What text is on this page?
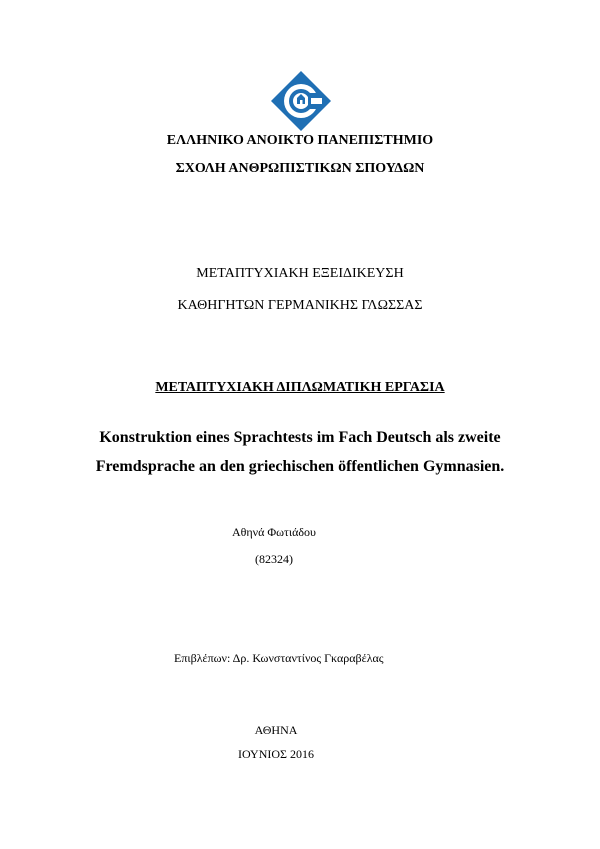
ΕΛΛΗΝΙΚΟ ΑΝΟΙΚΤΟ ΠΑΝΕΠΙΣΤΗΜΙΟ
ΣΧΟΛΗ ΑΝΘΡΩΠΙΣΤΙΚΩΝ ΣΠΟΥΔΩΝ
ΜΕΤΑΠΤΥΧΙΑΚΗ ΕΞΕΙΔΙΚΕΥΣΗ
ΚΑΘΗΓΗΤΩΝ ΓΕΡΜΑΝΙΚΗΣ ΓΛΩΣΣΑΣ
ΜΕΤΑΠΤΥΧΙΑΚΗ ΔΙΠΛΩΜΑΤΙΚΗ ΕΡΓΑΣΙΑ
Konstruktion eines Sprachtests im Fach Deutsch als zweite
Fremdsprache an den griechischen öffentlichen Gymnasien.
Αθηνά Φωτιάδου
(82324)
Επιβλέπων: Δρ. Κωνσταντίνος Γκαραβέλας
ΑΘΗΝΑ
ΙΟΥΝΙΟΣ 2016
